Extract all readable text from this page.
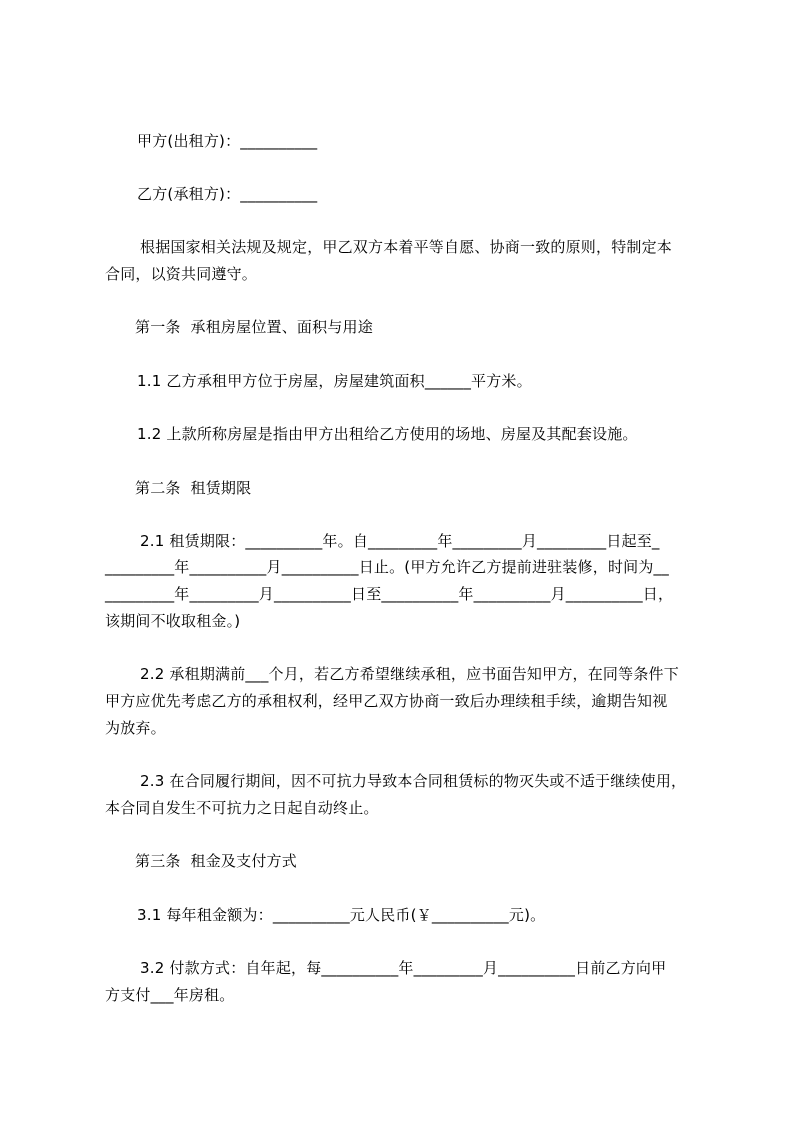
甲方(出租方)：__________
乙方(承租方)：__________
根据国家相关法规及规定，甲乙双方本着平等自愿、协商一致的原则，特制定本
合同，以资共同遵守。
第一条  承租房屋位置、面积与用途
1.1 乙方承租甲方位于房屋，房屋建筑面积______平方米。
1.2 上款所称房屋是指由甲方出租给乙方使用的场地、房屋及其配套设施。
第二条  租赁期限
2.1 租赁期限：__________年。自_________年_________月_________日起至_
_________年__________月__________日止。(甲方允许乙方提前进驻装修，时间为__
_________年_________月__________日至__________年__________月__________日，
该期间不收取租金。)
2.2 承租期满前___个月，若乙方希望继续承租，应书面告知甲方，在同等条件下
甲方应优先考虑乙方的承租权利，经甲乙双方协商一致后办理续租手续，逾期告知视
为放弃。
2.3 在合同履行期间，因不可抗力导致本合同租赁标的物灭失或不适于继续使用，
本合同自发生不可抗力之日起自动终止。
第三条  租金及支付方式
3.1 每年租金额为：__________元人民币(￥__________元)。
3.2 付款方式：自年起，每__________年_________月__________日前乙方向甲
方支付___年房租。
